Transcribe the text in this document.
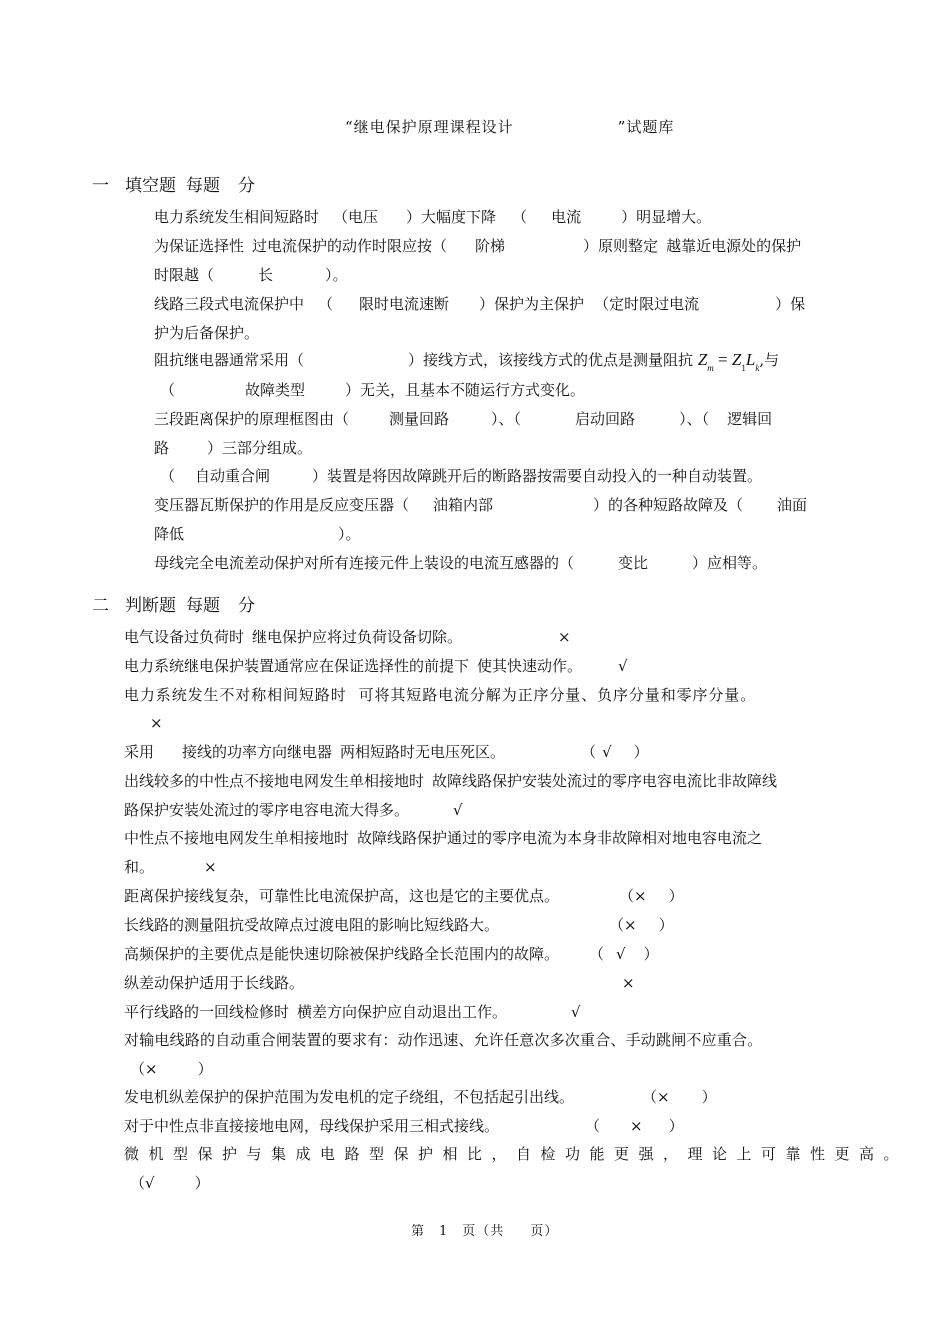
“继电保护原理课程设计	”试题库
一 填空题 每题 分
电力系统发生相间短路时 （电压 ）大幅度下降 （ 电流	）明显增大。
为保证选择性 过电流保护的动作时限应按（ 阶梯	）原则整定 越靠近电源处的保护
时限越（	长	）。
线路三段式电流保护中 （ 限时电流速断 ）保护为主保护 （定时限过电流	）保
护为后备保护。
阻抗继电器通常采用（	）接线方式，该接线方式的优点是测量阻抗 $Z_m = Z_1L_k$,与
（	故障类型	）无关，且基本不随运行方式变化。
三段距离保护的原理框图由（	测量回路	）、（	启动回路	）、（ 逻辑回
路	）三部分组成。
（ 自动重合闸	）装置是将因故障跳开后的断路器按需要自动投入的一种自动装置。
变压器瓦斯保护的作用是反应变压器（ 油箱内部	）的各种短路故障及（ 油面
降低	）。
母线完全电流差动保护对所有连接元件上装设的电流互感器的（	变比	）应相等。
二 判断题 每题 分
电气设备过负荷时 继电保护应将过负荷设备切除。	×
电力系统继电保护装置通常应在保证选择性的前提下 使其快速动作。 √
电力系统发生不对称相间短路时 可将其短路电流分解为正序分量、负序分量和零序分量。
×
采用 接线的功率方向继电器 两相短路时无电压死区。	（ √ ）
出线较多的中性点不接地电网发生单相接地时 故障线路保护安装处流过的零序电容电流比非故障线
路保护安装处流过的零序电容电流大得多。	√
中性点不接地电网发生单相接地时 故障线路保护通过的零序电流为本身非故障相对地电容电流之
和。	×
距离保护接线复杂，可靠性比电流保护高，这也是它的主要优点。	（× ）
长线路的测量阻抗受故障点过渡电阻的影响比短线路大。	（× ）
高频保护的主要优点是能快速切除被保护线路全长范围内的故障。 （ √ ）
纵差动保护适用于长线路。	×
平行线路的一回线检修时 横差方向保护应自动退出工作。	√
对输电线路的自动重合闸装置的要求有：动作迅速、允许任意次多次重合、手动跳闸不应重合。
（×	）
发电机纵差保护的保护范围为发电机的定子绕组，不包括起引出线。	（× ）
对于中性点非直接接地电网，母线保护采用三相式接线。	（ × ）
微机型保护与集成电路型保护相比，自检功能更强，理论上可靠性更高。
（√	）
第 1 页（共 页）
